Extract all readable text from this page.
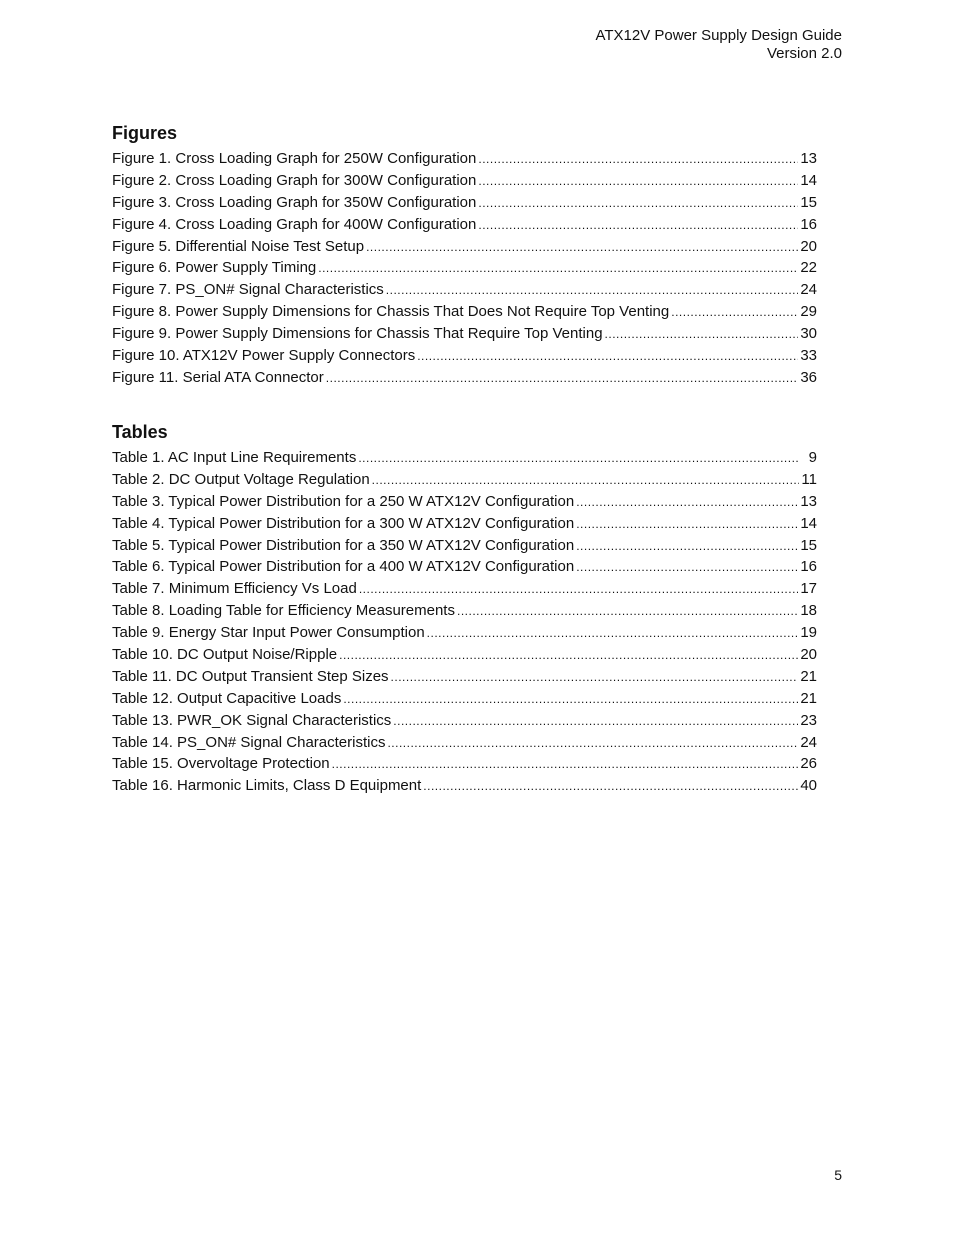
ATX12V Power Supply Design Guide
Version 2.0
Figures
Figure 1. Cross Loading Graph for 250W Configuration .....	13
Figure 2. Cross Loading Graph for 300W Configuration .....	14
Figure 3. Cross Loading Graph for 350W Configuration .....	15
Figure 4. Cross Loading Graph for 400W Configuration .....	16
Figure 5. Differential Noise Test Setup .....	20
Figure 6. Power Supply Timing .....	22
Figure 7. PS_ON# Signal Characteristics .....	24
Figure 8. Power Supply Dimensions for Chassis That Does Not Require Top Venting .....	29
Figure 9. Power Supply Dimensions for Chassis That Require Top Venting .....	30
Figure 10. ATX12V Power Supply Connectors .....	33
Figure 11. Serial ATA Connector .....	36
Tables
Table 1. AC Input Line Requirements .....	9
Table 2. DC Output Voltage Regulation .....	11
Table 3. Typical Power Distribution for a 250 W ATX12V Configuration .....	13
Table 4. Typical Power Distribution for a 300 W ATX12V Configuration .....	14
Table 5. Typical Power Distribution for a 350 W ATX12V Configuration .....	15
Table 6. Typical Power Distribution for a 400 W ATX12V Configuration .....	16
Table 7. Minimum Efficiency Vs Load .....	17
Table 8. Loading Table for Efficiency Measurements .....	18
Table 9. Energy Star Input Power Consumption .....	19
Table 10. DC Output Noise/Ripple .....	20
Table 11. DC Output Transient Step Sizes .....	21
Table 12. Output Capacitive Loads .....	21
Table 13. PWR_OK Signal Characteristics .....	23
Table 14. PS_ON# Signal Characteristics .....	24
Table 15. Overvoltage Protection .....	26
Table 16. Harmonic Limits, Class D Equipment .....	40
5
